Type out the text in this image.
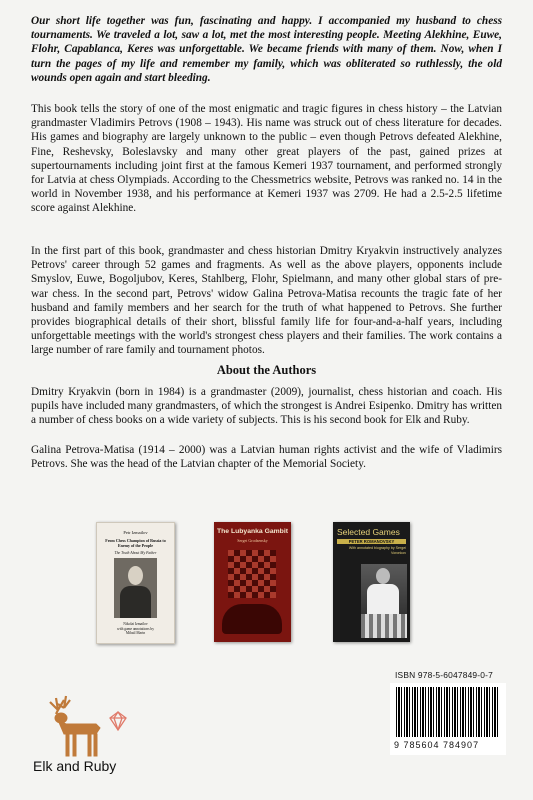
Our short life together was fun, fascinating and happy. I accompanied my husband to chess tournaments. We traveled a lot, saw a lot, met the most interesting people. Meeting Alekhine, Euwe, Flohr, Capablanca, Keres was unforgettable. We became friends with many of them. Now, when I turn the pages of my life and remember my family, which was obliterated so ruthlessly, the old wounds open again and start bleeding.
This book tells the story of one of the most enigmatic and tragic figures in chess history – the Latvian grandmaster Vladimirs Petrovs (1908 – 1943). His name was struck out of chess literature for decades. His games and biography are largely unknown to the public – even though Petrovs defeated Alekhine, Fine, Reshevsky, Boleslavsky and many other great players of the past, gained prizes at supertournaments including joint first at the famous Kemeri 1937 tournament, and performed strongly for Latvia at chess Olympiads. According to the Chessmetrics website, Petrovs was ranked no. 14 in the world in November 1938, and his performance at Kemeri 1937 was 2709. He had a 2.5-2.5 lifetime score against Alekhine.
In the first part of this book, grandmaster and chess historian Dmitry Kryakvin instructively analyzes Petrovs' career through 52 games and fragments. As well as the above players, opponents include Smyslov, Euwe, Bogoljubov, Keres, Stahlberg, Flohr, Spielmann, and many other global stars of pre-war chess. In the second part, Petrovs' widow Galina Petrova-Matisa recounts the tragic fate of her husband and family members and her search for the truth of what happened to Petrovs. She further provides biographical details of their short, blissful family life for four-and-a-half years, including unforgettable meetings with the world's strongest chess players and their families. The work contains a large number of rare family and tournament photos.
About the Authors
Dmitry Kryakvin (born in 1984) is a grandmaster (2009), journalist, chess historian and coach. His pupils have included many grandmasters, of which the strongest is Andrei Esipenko. Dmitry has written a number of chess books on a wide variety of subjects. This is his second book for Elk and Ruby.
Galina Petrova-Matisa (1914 – 2000) was a Latvian human rights activist and the wife of Vladimirs Petrovs. She was the head of the Latvian chapter of the Memorial Society.
Petr Izmailov
From Chess Champion of Russia to Enemy of the People
The Truth About My Father
Nikolai Izmailov
with game annotations by
Mihail Marin
The Lubyanka Gambit
Sergei Grodzensky
Selected Games
PETER ROMANOVSKY
With annotated biography by Sergei Voronkov
ISBN 978-5-6047849-0-7
9 785604 784907
Elk and Ruby
